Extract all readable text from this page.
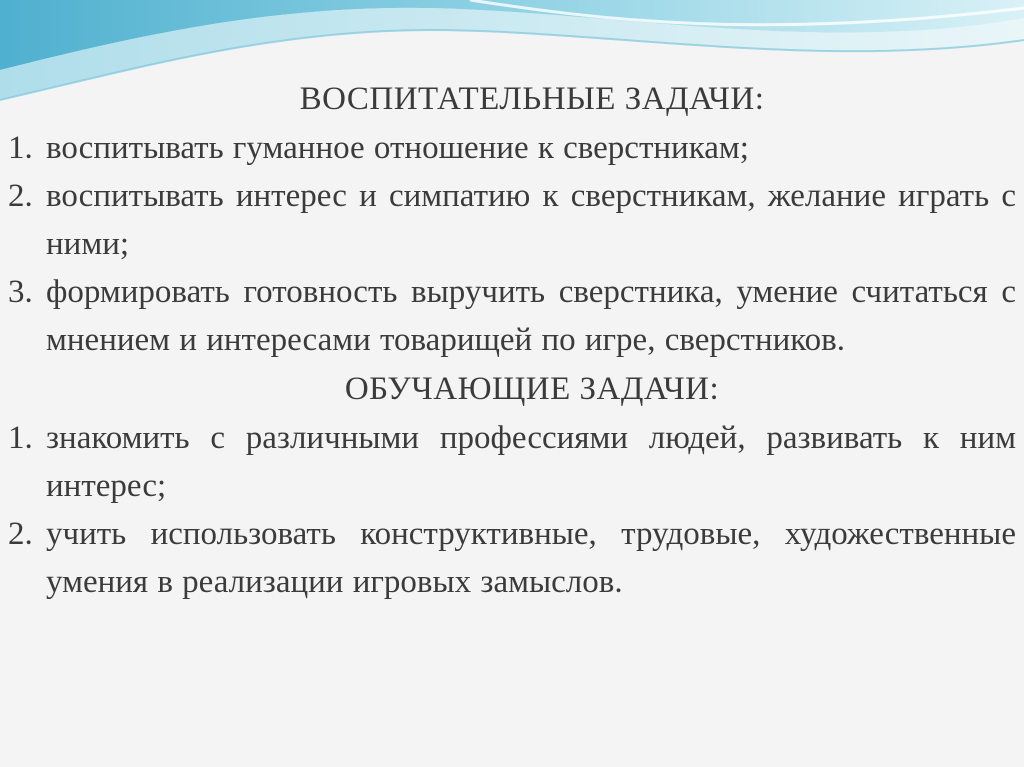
ВОСПИТАТЕЛЬНЫЕ ЗАДАЧИ:
1. воспитывать гуманное отношение к сверстникам;
2. воспитывать интерес и симпатию к сверстникам, желание играть с ними;
3. формировать готовность выручить сверстника, умение считаться с мнением и интересами товарищей по игре, сверстников.
ОБУЧАЮЩИЕ ЗАДАЧИ:
1. знакомить с различными профессиями людей, развивать к ним интерес;
2. учить использовать конструктивные, трудовые, художественные умения в реализации игровых замыслов.
